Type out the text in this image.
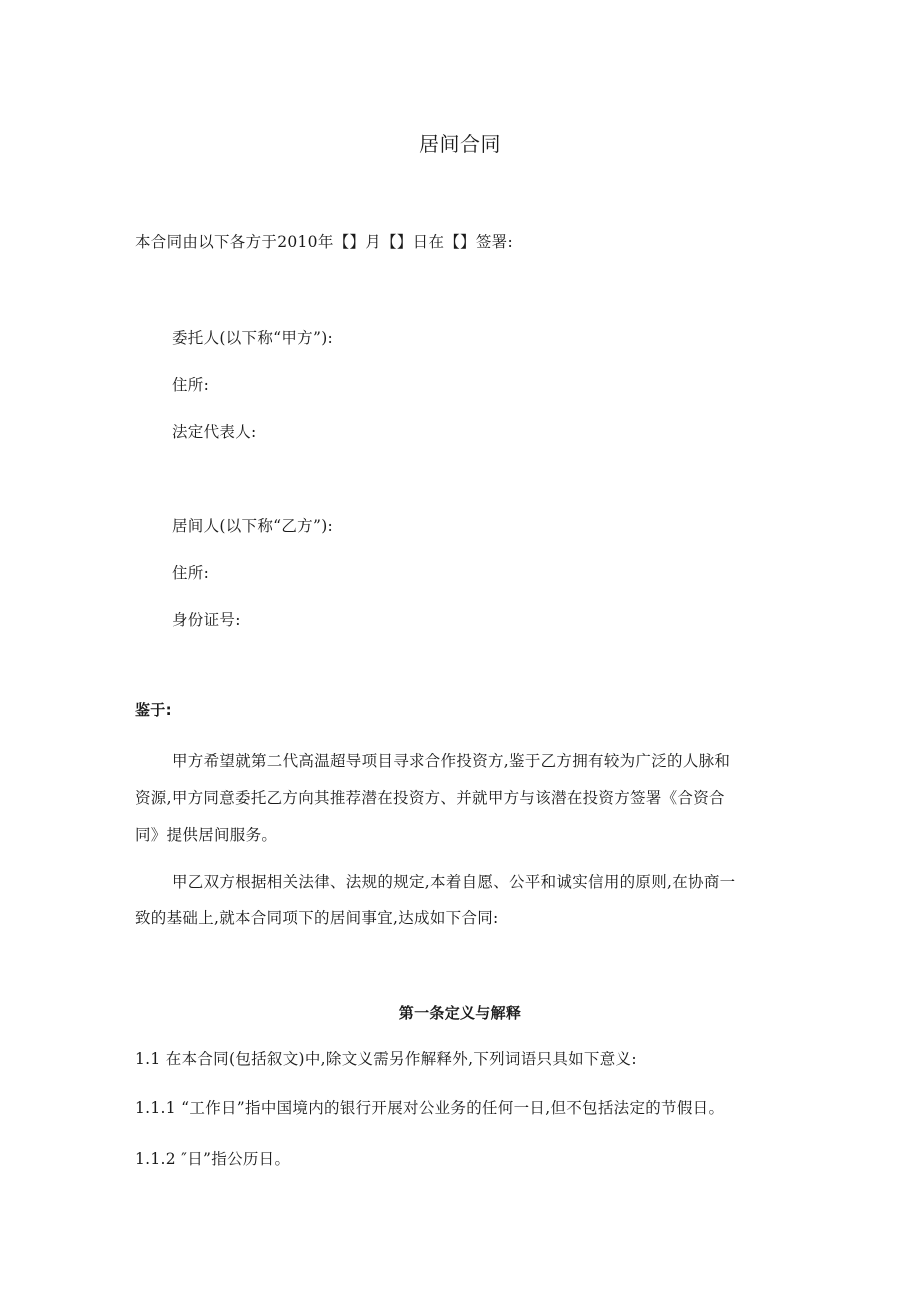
居间合同
本合同由以下各方于2010年【】月【】日在【】签署:
委托人(以下称“甲方”):
住所:
法定代表人:
居间人(以下称“乙方”):
住所:
身份证号:
鉴于:
甲方希望就第二代高温超导项目寻求合作投资方,鉴于乙方拥有较为广泛的人脉和
资源,甲方同意委托乙方向其推荐潜在投资方、并就甲方与该潜在投资方签署《合资合
同》提供居间服务。
甲乙双方根据相关法律、法规的规定,本着自愿、公平和诚实信用的原则,在协商一
致的基础上,就本合同项下的居间事宜,达成如下合同:
第一条定义与解释
1.1 在本合同(包括叙文)中,除文义需另作解释外,下列词语只具如下意义:
1.1.1 “工作日”指中国境内的银行开展对公业务的任何一日,但不包括法定的节假日。
1.1.2 ″日”指公历日。
